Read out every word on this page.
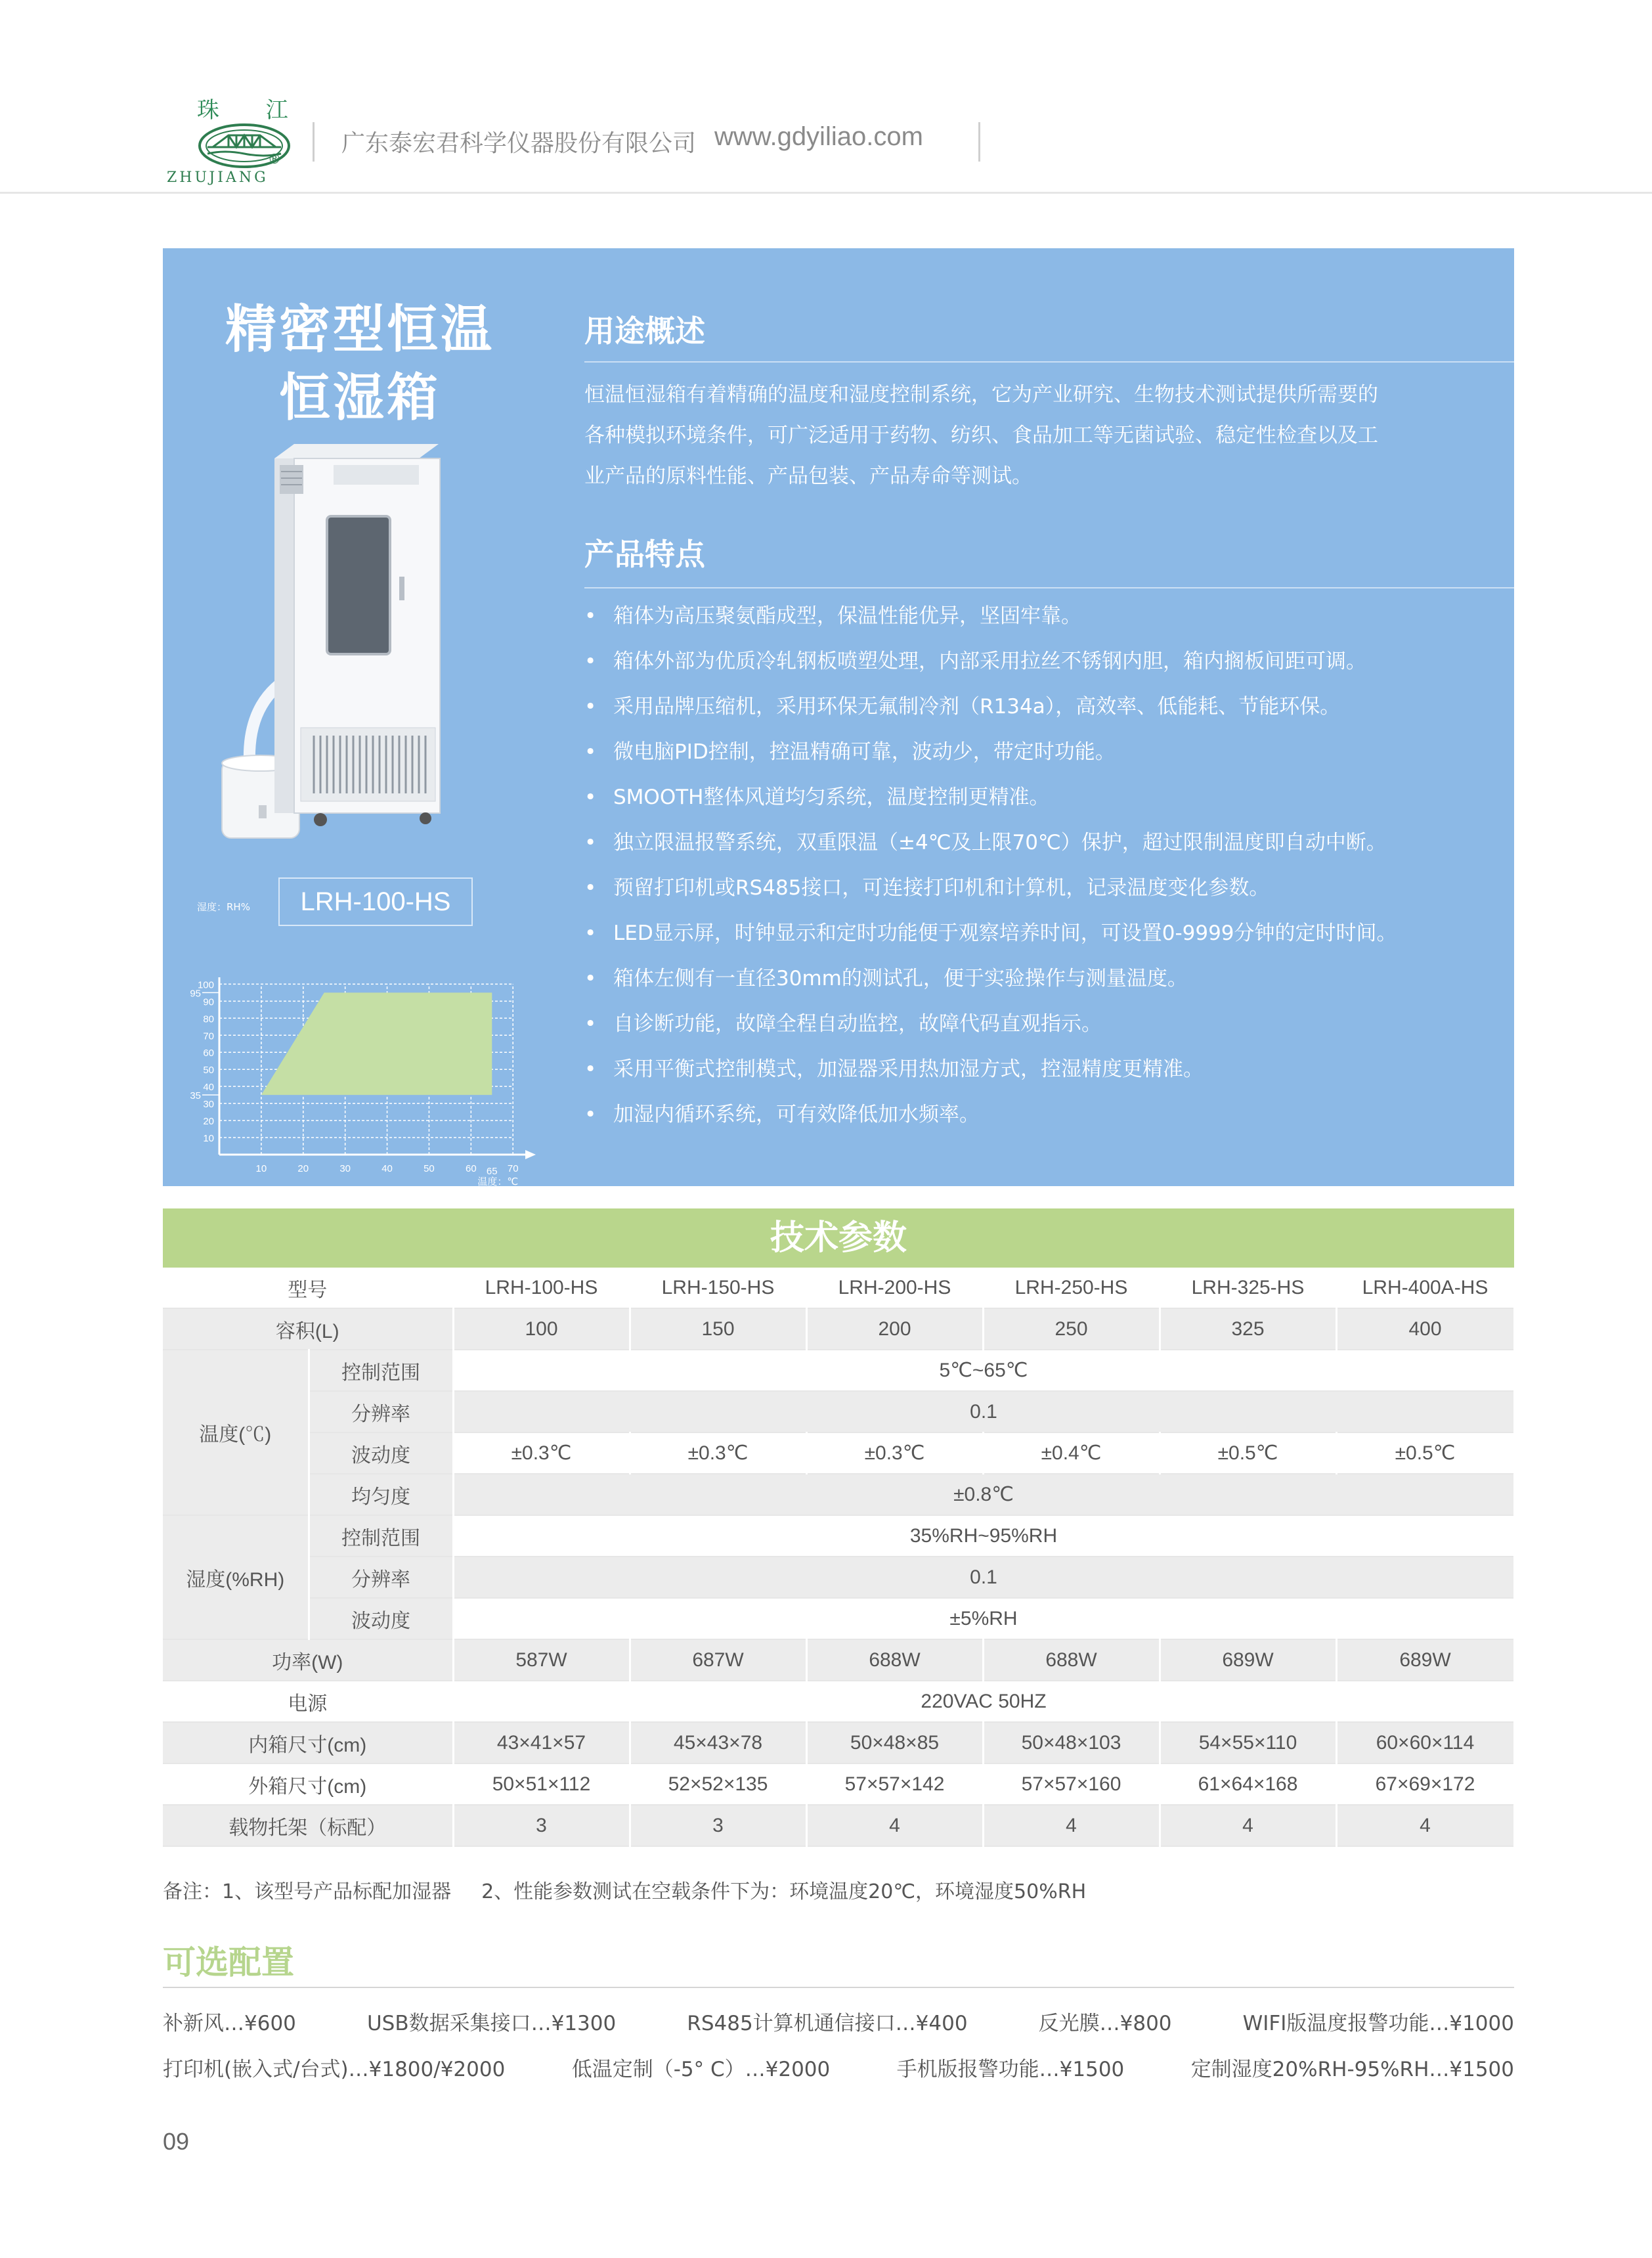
珠 江
®
ZHUJIANG
广东泰宏君科学仪器股份有限公司 www.gdyiliao.com
精密型恒温
恒湿箱
LRH-100-HS
10
20
30
40
50
60
70
80
90
100
35
95
10	20	30	40	50	60	70
65
湿度：RH%
温度：℃
用途概述
恒温恒湿箱有着精确的温度和湿度控制系统，它为产业研究、生物技术测试提供所需要的
各种模拟环境条件，可广泛适用于药物、纺织、食品加工等无菌试验、稳定性检查以及工
业产品的原料性能、产品包装、产品寿命等测试。
产品特点
• 箱体为高压聚氨酯成型，保温性能优异，坚固牢靠。
• 箱体外部为优质冷轧钢板喷塑处理，内部采用拉丝不锈钢内胆，箱内搁板间距可调。
• 采用品牌压缩机，采用环保无氟制冷剂（R134a），高效率、低能耗、节能环保。
• 微电脑PID控制，控温精确可靠，波动少，带定时功能。
• SMOOTH整体风道均匀系统，温度控制更精准。
• 独立限温报警系统，双重限温（±4℃及上限70℃）保护，超过限制温度即自动中断。
• 预留打印机或RS485接口，可连接打印机和计算机，记录温度变化参数。
• LED显示屏，时钟显示和定时功能便于观察培养时间，可设置0-9999分钟的定时时间。
• 箱体左侧有一直径30mm的测试孔，便于实验操作与测量温度。
• 自诊断功能，故障全程自动监控，故障代码直观指示。
• 采用平衡式控制模式，加湿器采用热加湿方式，控湿精度更精准。
• 加湿内循环系统，可有效降低加水频率。
技术参数
型号		LRH-100-HS	LRH-150-HS	LRH-200-HS	LRH-250-HS	LRH-325-HS	LRH-400A-HS
容积(L)		100	150	200	250	325	400
温度(℃)	控制范围	5℃~65℃					
	分辨率	0.1					
	波动度	±0.3℃	±0.3℃	±0.3℃	±0.4℃	±0.5℃	±0.5℃
	均匀度	±0.8℃					
湿度(%RH)	控制范围	35%RH~95%RH					
	分辨率	0.1					
	波动度	±5%RH					
功率(W)		587W	687W	688W	688W	689W	689W
电源		220VAC 50HZ					
内箱尺寸(cm)		43×41×57	45×43×78	50×48×85	50×48×103	54×55×110	60×60×114
外箱尺寸(cm)		50×51×112	52×52×135	57×57×142	57×57×160	61×64×168	67×69×172
载物托架（标配）		3	3	4	4	4	4
备注：1、该型号产品标配加湿器 2、性能参数测试在空载条件下为：环境温度20℃，环境湿度50%RH
可选配置
补新风…¥600	USB数据采集接口…¥1300	RS485计算机通信接口…¥400	反光膜…¥800	WIFI版温度报警功能…¥1000
打印机(嵌入式/台式)…¥1800/¥2000	低温定制（-5° C）…¥2000	手机版报警功能…¥1500	定制湿度20%RH-95%RH…¥1500
09
